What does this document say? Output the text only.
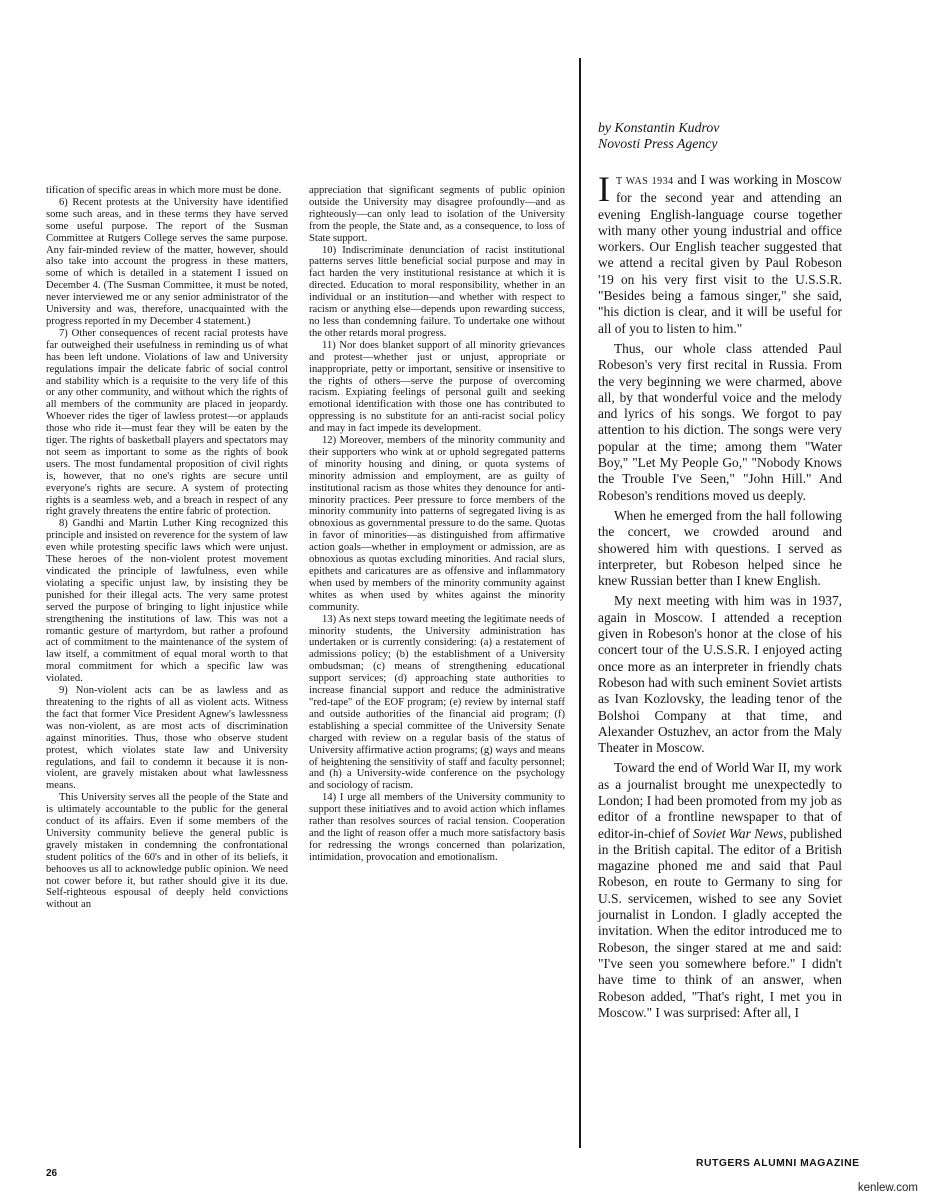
tification of specific areas in which more must be done.

6) Recent protests at the University have identified some such areas, and in these terms they have served some useful purpose. The report of the Susman Committee at Rutgers College serves the same purpose. Any fair-minded review of the matter, however, should also take into account the progress in these matters, some of which is detailed in a statement I issued on December 4. (The Susman Committee, it must be noted, never interviewed me or any senior administrator of the University and was, therefore, unacquainted with the progress reported in my December 4 statement.)

7) Other consequences of recent racial protests have far outweighed their usefulness in reminding us of what has been left undone. Violations of law and University regulations impair the delicate fabric of social control and stability which is a requisite to the very life of this or any other community, and without which the rights of all members of the community are placed in jeopardy. Whoever rides the tiger of lawless protest—or applauds those who ride it—must fear they will be eaten by the tiger. The rights of basketball players and spectators may not seem as important to some as the rights of book users. The most fundamental proposition of civil rights is, however, that no one's rights are secure until everyone's rights are secure. A system of protecting rights is a seamless web, and a breach in respect of any right gravely threatens the entire fabric of protection.

8) Gandhi and Martin Luther King recognized this principle and insisted on reverence for the system of law even while protesting specific laws which were unjust. These heroes of the non-violent protest movement vindicated the principle of lawfulness, even while violating a specific unjust law, by insisting they be punished for their illegal acts. The very same protest served the purpose of bringing to light injustice while strengthening the institutions of law. This was not a romantic gesture of martyrdom, but rather a profound act of commitment to the maintenance of the system of law itself, a commitment of equal moral worth to that moral commitment for which a specific law was violated.

9) Non-violent acts can be as lawless and as threatening to the rights of all as violent acts. Witness the fact that former Vice President Agnew's lawlessness was non-violent, as are most acts of discrimination against minorities. Thus, those who observe student protest, which violates state law and University regulations, and fail to condemn it because it is non-violent, are gravely mistaken about what lawlessness means.

This University serves all the people of the State and is ultimately accountable to the public for the general conduct of its affairs. Even if some members of the University community believe the general public is gravely mistaken in condemning the confrontational student politics of the 60's and in other of its beliefs, it behooves us all to acknowledge public opinion. We need not cower before it, but rather should give it its due. Self-righteous espousal of deeply held convictions without an

appreciation that significant segments of public opinion outside the University may disagree profoundly—and as righteously—can only lead to isolation of the University from the people, the State and, as a consequence, to loss of State support.

10) Indiscriminate denunciation of racist institutional patterns serves little beneficial social purpose and may in fact harden the very institutional resistance at which it is directed. Education to moral responsibility, whether in an individual or an institution—and whether with respect to racism or anything else—depends upon rewarding success, no less than condemning failure. To undertake one without the other retards moral progress.

11) Nor does blanket support of all minority grievances and protest—whether just or unjust, appropriate or inappropriate, petty or important, sensitive or insensitive to the rights of others—serve the purpose of overcoming racism. Expiating feelings of personal guilt and seeking emotional identification with those one has contributed to oppressing is no substitute for an anti-racist social policy and may in fact impede its development.

12) Moreover, members of the minority community and their supporters who wink at or uphold segregated patterns of minority housing and dining, or quota systems of minority admission and employment, are as guilty of institutional racism as those whites they denounce for anti-minority practices. Peer pressure to force members of the minority community into patterns of segregated living is as obnoxious as governmental pressure to do the same. Quotas in favor of minorities—as distinguished from affirmative action goals—whether in employment or admission, are as obnoxious as quotas excluding minorities. And racial slurs, epithets and caricatures are as offensive and inflammatory when used by members of the minority community against whites as when used by whites against the minority community.

13) As next steps toward meeting the legitimate needs of minority students, the University administration has undertaken or is currently considering: (a) a restatement of admissions policy; (b) the establishment of a University ombudsman; (c) means of strengthening educational support services; (d) approaching state authorities to increase financial support and reduce the administrative "red-tape" of the EOF program; (e) review by internal staff and outside authorities of the financial aid program; (f) establishing a special committee of the University Senate charged with review on a regular basis of the status of University affirmative action programs; (g) ways and means of heightening the sensitivity of staff and faculty personnel; and (h) a University-wide conference on the psychology and sociology of racism.

14) I urge all members of the University community to support these initiatives and to avoid action which inflames rather than resolves sources of racial tension. Cooperation and the light of reason offer a much more satisfactory basis for redressing the wrongs concerned than polarization, intimidation, provocation and emotionalism.

by Konstantin Kudrov
Novosti Press Agency

I T WAS 1934 and I was working in Moscow for the second year and attending an evening English-language course together with many other young industrial and office workers. Our English teacher suggested that we attend a recital given by Paul Robeson '19 on his very first visit to the U.S.S.R. "Besides being a famous singer," she said, "his diction is clear, and it will be useful for all of you to listen to him."

Thus, our whole class attended Paul Robeson's very first recital in Russia. From the very beginning we were charmed, above all, by that wonderful voice and the melody and lyrics of his songs. We forgot to pay attention to his diction. The songs were very popular at the time; among them "Water Boy," "Let My People Go," "Nobody Knows the Trouble I've Seen," "John Hill." And Robeson's renditions moved us deeply.

When he emerged from the hall following the concert, we crowded around and showered him with questions. I served as interpreter, but Robeson helped since he knew Russian better than I knew English.

My next meeting with him was in 1937, again in Moscow. I attended a reception given in Robeson's honor at the close of his concert tour of the U.S.S.R. I enjoyed acting once more as an interpreter in friendly chats Robeson had with such eminent Soviet artists as Ivan Kozlovsky, the leading tenor of the Bolshoi Company at that time, and Alexander Ostuzhev, an actor from the Maly Theater in Moscow.

Toward the end of World War II, my work as a journalist brought me unexpectedly to London; I had been promoted from my job as editor of a frontline newspaper to that of editor-in-chief of Soviet War News, published in the British capital. The editor of a British magazine phoned me and said that Paul Robeson, en route to Germany to sing for U.S. servicemen, wished to see any Soviet journalist in London. I gladly accepted the invitation. When the editor introduced me to Robeson, the singer stared at me and said: "I've seen you somewhere before." I didn't have time to think of an answer, when Robeson added, "That's right, I met you in Moscow." I was surprised: After all, I

26
RUTGERS ALUMNI MAGAZINE
kenlew.com
